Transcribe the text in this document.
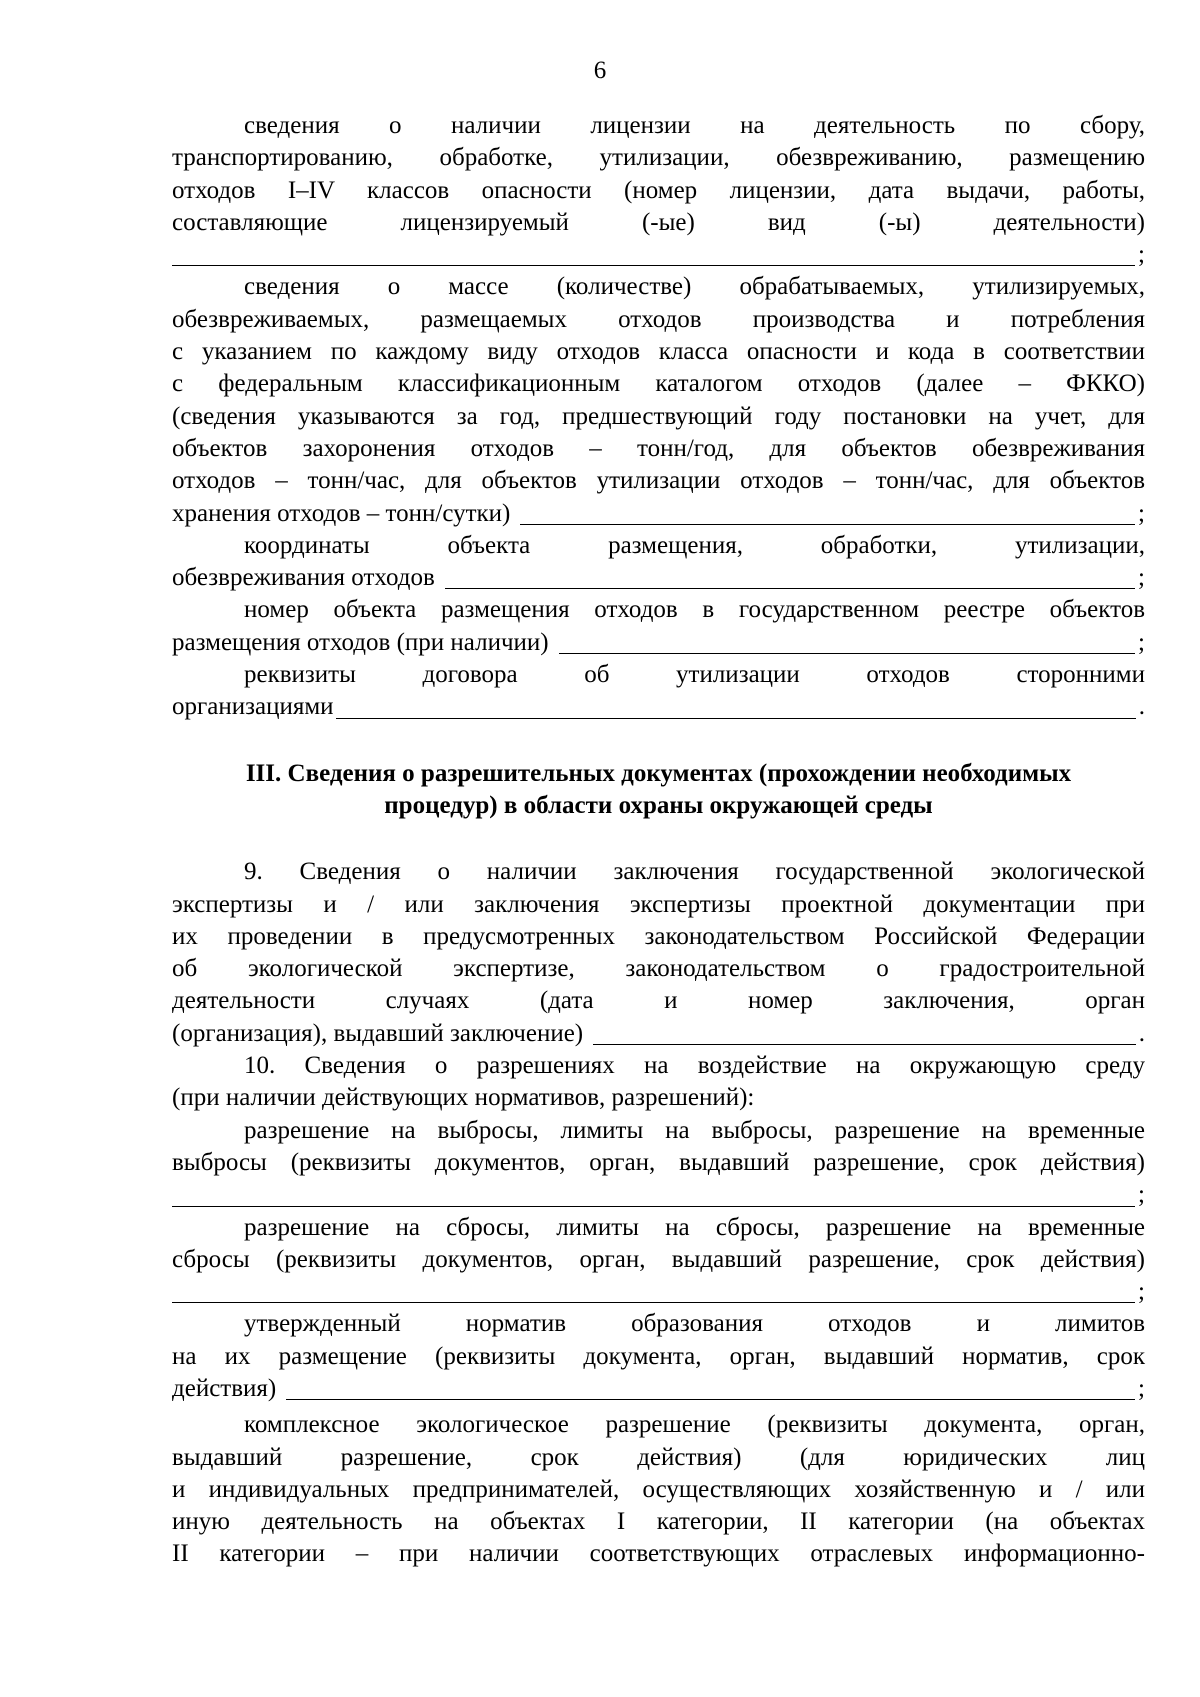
6

сведения о наличии лицензии на деятельность по сбору,

транспортированию, обработке, утилизации, обезвреживанию, размещению

отходов I–IV классов опасности (номер лицензии, дата выдачи, работы,

составляющие лицензируемый (-ые) вид (-ы) деятельности)

;

сведения о массе (количестве) обрабатываемых, утилизируемых,

обезвреживаемых, размещаемых отходов производства и потребления

с указанием по каждому виду отходов класса опасности и кода в соответствии

с федеральным классификационным каталогом отходов (далее – ФККО)

(сведения указываются за год, предшествующий году постановки на учет, для

объектов захоронения отходов – тонн/год, для объектов обезвреживания

отходов – тонн/час, для объектов утилизации отходов – тонн/час, для объектов

хранения отходов – тонн/сутки)	;

координаты объекта размещения, обработки, утилизации,

обезвреживания отходов	;

номер объекта размещения отходов в государственном реестре объектов

размещения отходов (при наличии)	;

реквизиты договора об утилизации отходов сторонними

организациями	.
III. Сведения о разрешительных документах (прохождении необходимых
процедур) в области охраны окружающей среды

9. Сведения о наличии заключения государственной экологической

экспертизы и / или заключения экспертизы проектной документации при

их проведении в предусмотренных законодательством Российской Федерации

об экологической экспертизе, законодательством о градостроительной

деятельности случаях (дата и номер заключения, орган

(организация), выдавший заключение)	.

10. Сведения о разрешениях на воздействие на окружающую среду

(при наличии действующих нормативов, разрешений):

разрешение на выбросы, лимиты на выбросы, разрешение на временные

выбросы (реквизиты документов, орган, выдавший разрешение, срок действия)

;

разрешение на сбросы, лимиты на сбросы, разрешение на временные

сбросы (реквизиты документов, орган, выдавший разрешение, срок действия)

;

утвержденный норматив образования отходов и лимитов

на их размещение (реквизиты документа, орган, выдавший норматив, срок

действия)	;

комплексное экологическое разрешение (реквизиты документа, орган,

выдавший разрешение, срок действия) (для юридических лиц

и индивидуальных предпринимателей, осуществляющих хозяйственную и / или

иную деятельность на объектах I категории, II категории (на объектах

II категории – при наличии соответствующих отраслевых информационно-
